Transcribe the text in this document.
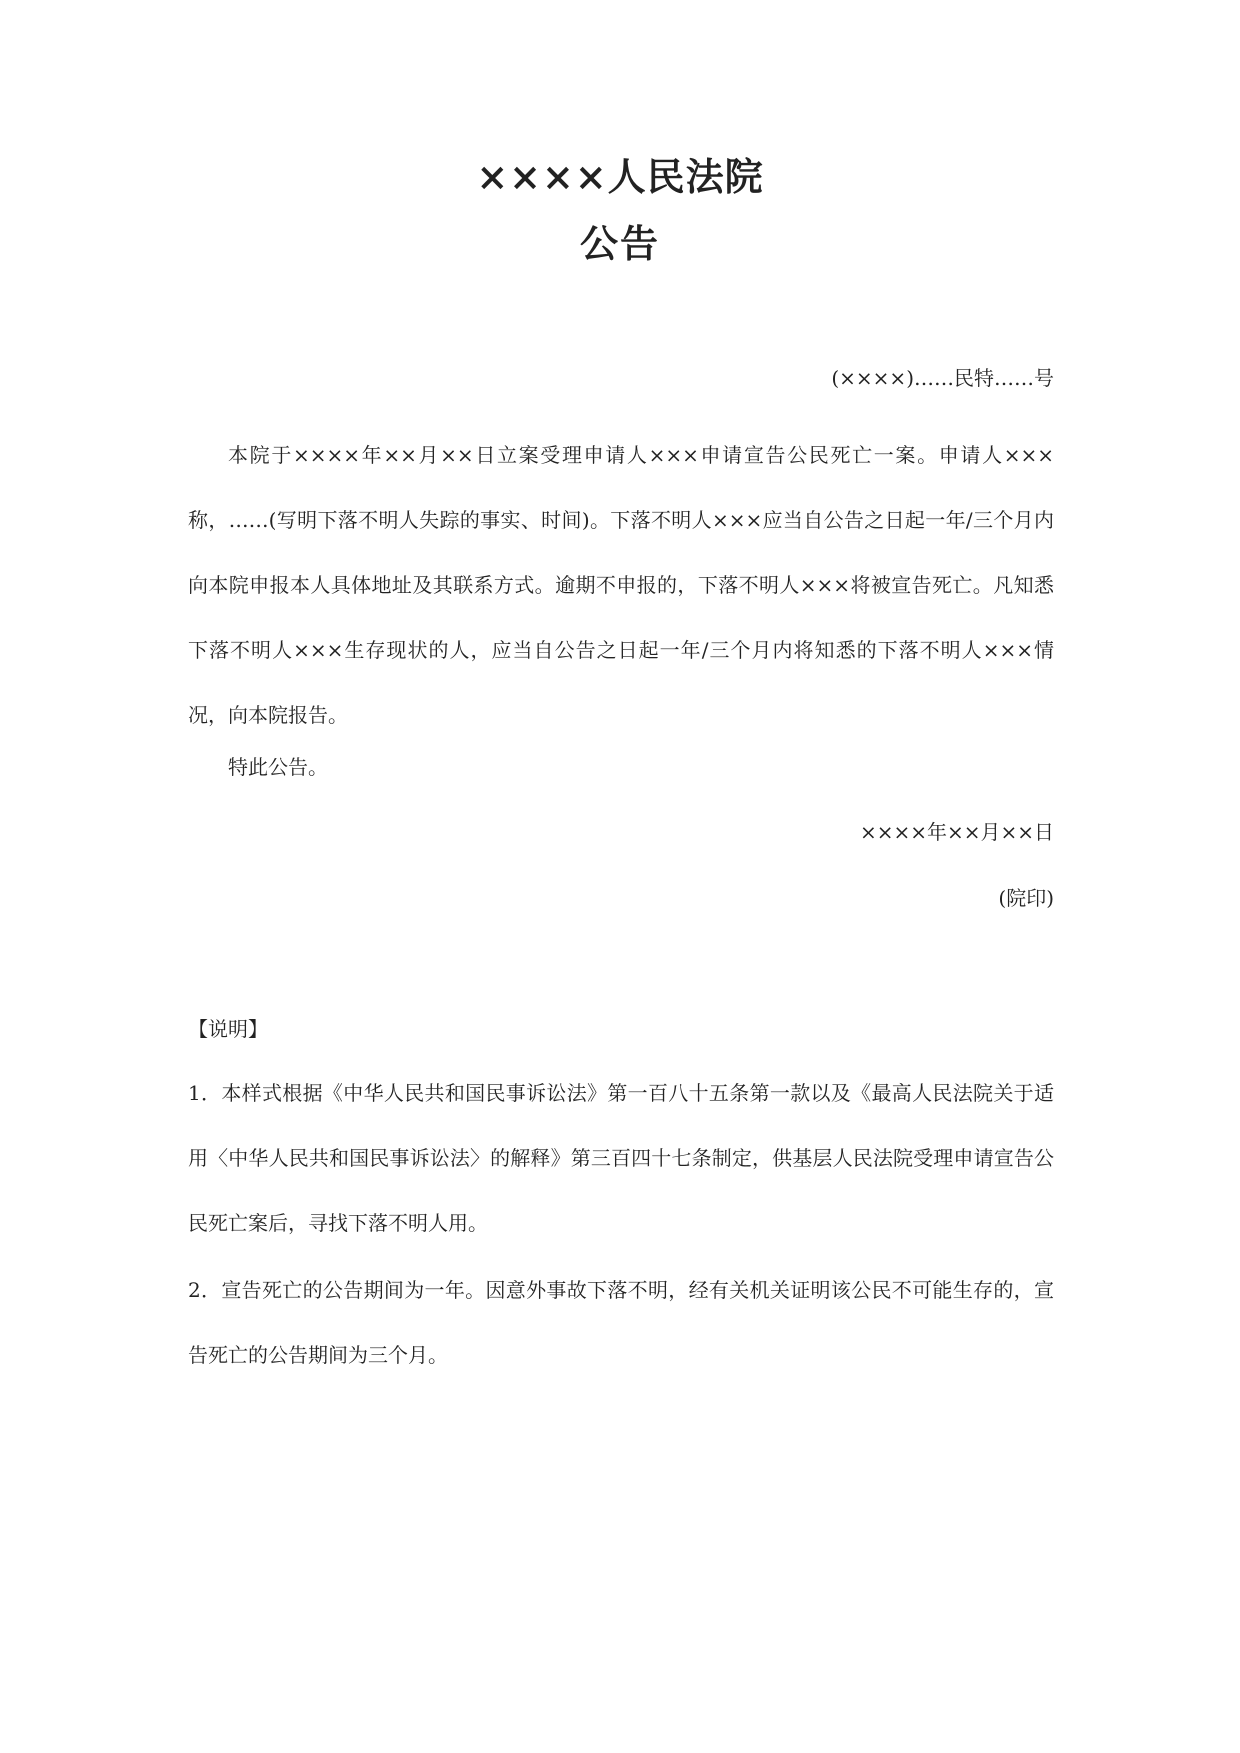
××××人民法院
公告
(××××)……民特……号

本院于××××年××月××日立案受理申请人×××申请宣告公民死亡一案。申请人×××称，……(写明下落不明人失踪的事实、时间)。下落不明人×××应当自公告之日起一年/三个月内向本院申报本人具体地址及其联系方式。逾期不申报的，下落不明人×××将被宣告死亡。凡知悉下落不明人×××生存现状的人，应当自公告之日起一年/三个月内将知悉的下落不明人×××情况，向本院报告。

特此公告。

××××年××月××日
(院印)
【说明】

1．本样式根据《中华人民共和国民事诉讼法》第一百八十五条第一款以及《最高人民法院关于适用〈中华人民共和国民事诉讼法〉的解释》第三百四十七条制定，供基层人民法院受理申请宣告公民死亡案后，寻找下落不明人用。

2．宣告死亡的公告期间为一年。因意外事故下落不明，经有关机关证明该公民不可能生存的，宣告死亡的公告期间为三个月。
